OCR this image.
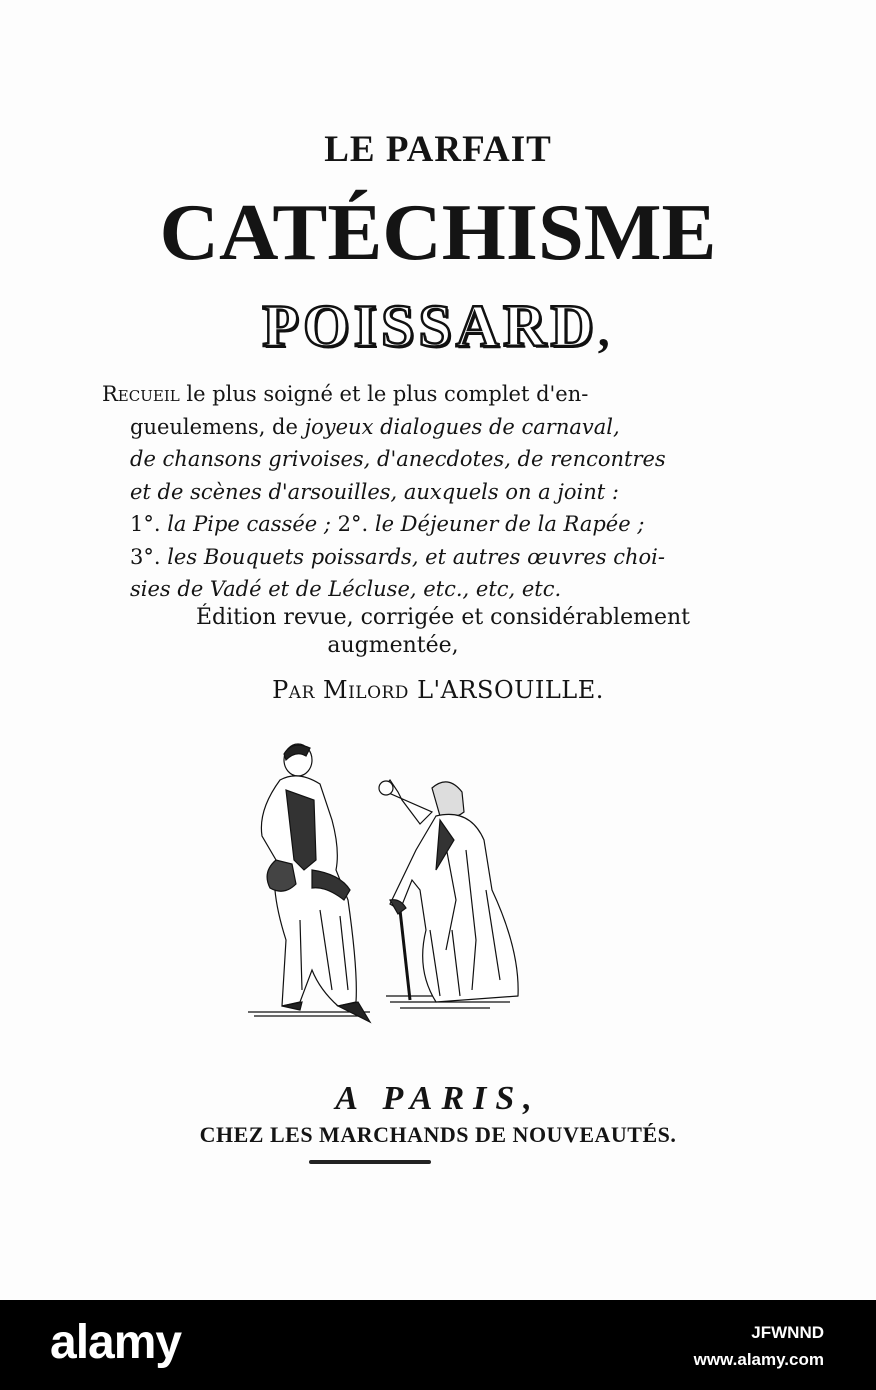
LE PARFAIT
CATÉCHISME
POISSARD,
Recueil le plus soigné et le plus complet d'en-
gueulemens, de joyeux dialogues de carnaval,
de chansons grivoises, d'anecdotes, de rencontres
et de scènes d'arsouilles, auxquels on a joint :
1°. la Pipe cassée ; 2°. le Déjeuner de la Rapée ;
3°. les Bouquets poissards, et autres œuvres choi-
sies de Vadé et de Lécluse, etc., etc, etc.
Édition revue, corrigée et considérablement
augmentée,
Par Milord L'ARSOUILLE.
A PARIS,
CHEZ LES MARCHANDS DE NOUVEAUTÉS.
alamy	JFWNND
www.alamy.com
